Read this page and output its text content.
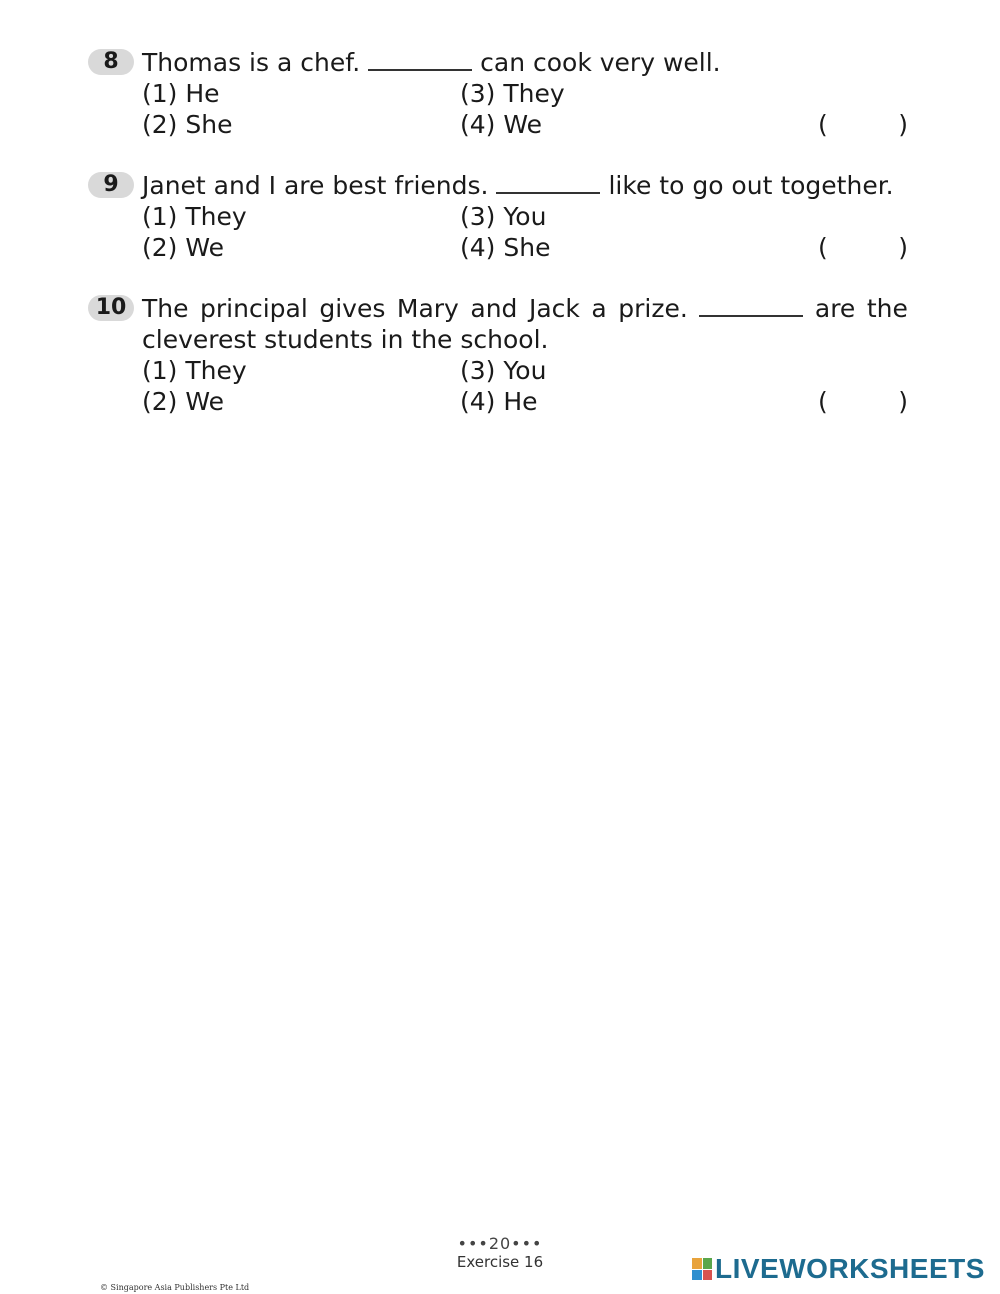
8 Thomas is a chef.	can cook very well.
(1) He	(3) They
(2) She	(4) We	(	)
9 Janet and I are best friends.	like to go out together.
(1) They	(3) You
(2) We	(4) She	(	)
10 The principal gives Mary and Jack a prize.	are the
cleverest students in the school.
(1) They	(3) You
(2) We	(4) He	(	)
•••20•••
Exercise 16
© Singapore Asia Publishers Pte Ltd
LIVEWORKSHEETS
